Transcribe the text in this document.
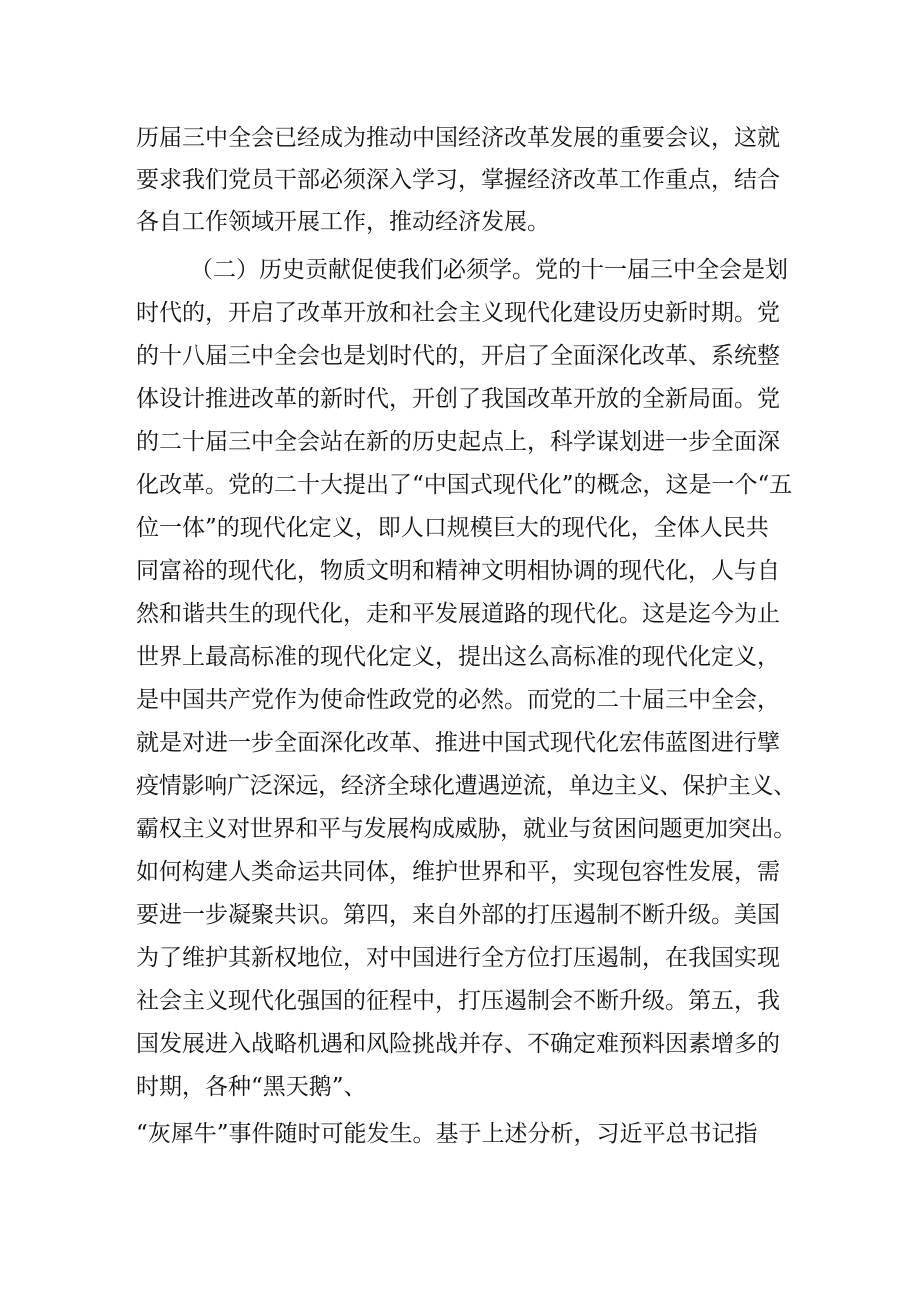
历届三中全会已经成为推动中国经济改革发展的重要会议，这就
要求我们党员干部必须深入学习，掌握经济改革工作重点，结合
各自工作领域开展工作，推动经济发展。
（二）历史贡献促使我们必须学。党的十一届三中全会是划
时代的，开启了改革开放和社会主义现代化建设历史新时期。党
的十八届三中全会也是划时代的，开启了全面深化改革、系统整
体设计推进改革的新时代，开创了我国改革开放的全新局面。党
的二十届三中全会站在新的历史起点上，科学谋划进一步全面深
化改革。党的二十大提出了“中国式现代化”的概念，这是一个“五
位一体”的现代化定义，即人口规模巨大的现代化，全体人民共
同富裕的现代化，物质文明和精神文明相协调的现代化，人与自
然和谐共生的现代化，走和平发展道路的现代化。这是迄今为止
世界上最高标准的现代化定义，提出这么高标准的现代化定义，
是中国共产党作为使命性政党的必然。而党的二十届三中全会，
就是对进一步全面深化改革、推进中国式现代化宏伟蓝图进行擘
疫情影响广泛深远，经济全球化遭遇逆流，单边主义、保护主义、
霸权主义对世界和平与发展构成威胁，就业与贫困问题更加突出。
如何构建人类命运共同体，维护世界和平，实现包容性发展，需
要进一步凝聚共识。第四，来自外部的打压遏制不断升级。美国
为了维护其新权地位，对中国进行全方位打压遏制，在我国实现
社会主义现代化强国的征程中，打压遏制会不断升级。第五，我
国发展进入战略机遇和风险挑战并存、不确定难预料因素增多的
时期，各种“黑天鹅”、
“灰犀牛”事件随时可能发生。基于上述分析，习近平总书记指
